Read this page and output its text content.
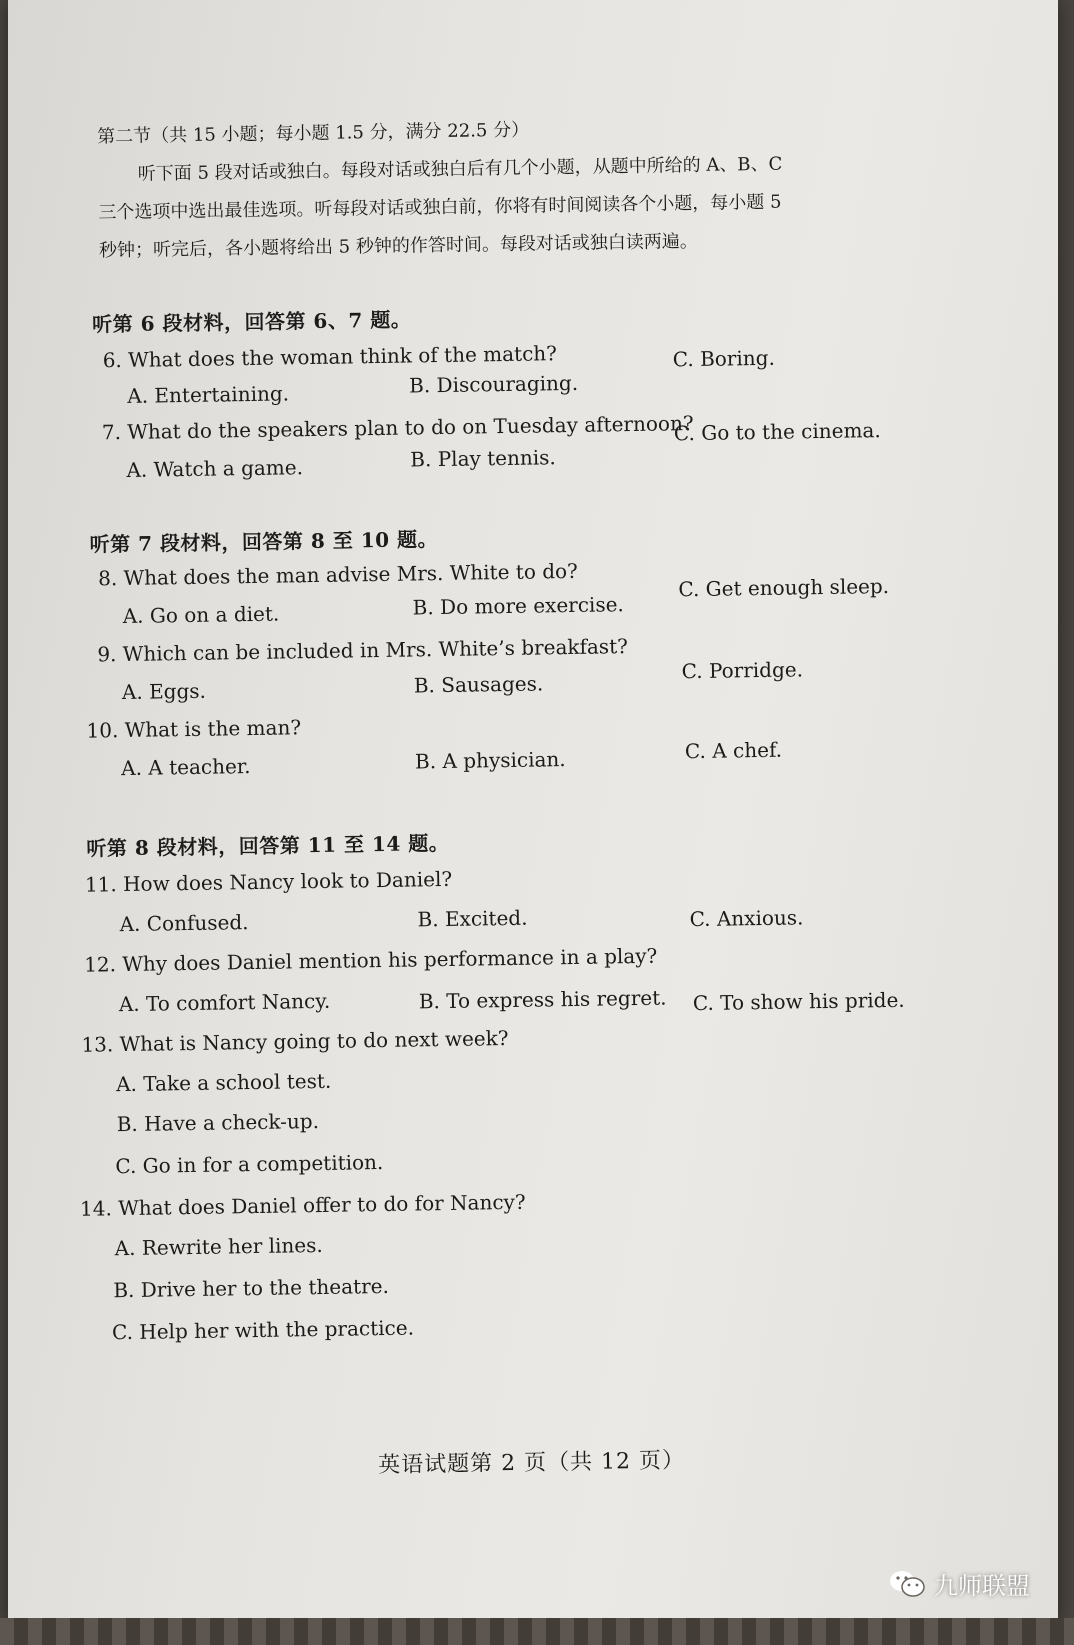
第二节（共 15 小题；每小题 1.5 分，满分 22.5 分）
听下面 5 段对话或独白。每段对话或独白后有几个小题，从题中所给的 A、B、C
三个选项中选出最佳选项。听每段对话或独白前，你将有时间阅读各个小题，每小题 5
秒钟；听完后，各小题将给出 5 秒钟的作答时间。每段对话或独白读两遍。
听第 6 段材料，回答第 6、7 题。
6. What does the woman think of the match?
A. Entertaining.	B. Discouraging.
C. Boring.
7. What do the speakers plan to do on Tuesday afternoon?
A. Watch a game.	B. Play tennis.
C. Go to the cinema.
听第 7 段材料，回答第 8 至 10 题。
8. What does the man advise Mrs. White to do?
A. Go on a diet.	B. Do more exercise.
C. Get enough sleep.
9. Which can be included in Mrs. White’s breakfast?
A. Eggs.	B. Sausages.
C. Porridge.
10. What is the man?
A. A teacher.	B. A physician.	C. A chef.
听第 8 段材料，回答第 11 至 14 题。
11. How does Nancy look to Daniel?
A. Confused.	B. Excited.	C. Anxious.
12. Why does Daniel mention his performance in a play?
A. To comfort Nancy.	B. To express his regret. C. To show his pride.
13. What is Nancy going to do next week?
A. Take a school test.
B. Have a check-up.
C. Go in for a competition.
14. What does Daniel offer to do for Nancy?
A. Rewrite her lines.
B. Drive her to the theatre.
C. Help her with the practice.
英语试题第 2 页（共 12 页）
九师联盟
